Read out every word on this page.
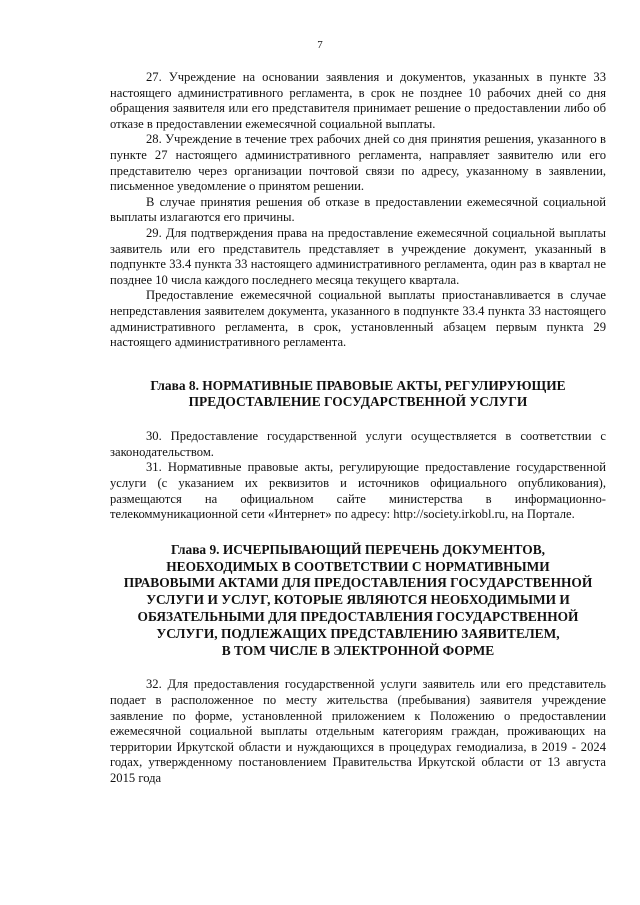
7

27. Учреждение на основании заявления и документов, указанных в пункте 33 настоящего административного регламента, в срок не позднее 10 рабочих дней со дня обращения заявителя или его представителя принимает решение о предоставлении либо об отказе в предоставлении ежемесячной социальной выплаты.

28. Учреждение в течение трех рабочих дней со дня принятия решения, указанного в пункте 27 настоящего административного регламента, направляет заявителю или его представителю через организации почтовой связи по адресу, указанному в заявлении, письменное уведомление о принятом решении.

В случае принятия решения об отказе в предоставлении ежемесячной социальной выплаты излагаются его причины.

29. Для подтверждения права на предоставление ежемесячной социальной выплаты заявитель или его представитель представляет в учреждение документ, указанный в подпункте 33.4 пункта 33 настоящего административного регламента, один раз в квартал не позднее 10 числа каждого последнего месяца текущего квартала.

Предоставление ежемесячной социальной выплаты приостанавливается в случае непредставления заявителем документа, указанного в подпункте 33.4 пункта 33 настоящего административного регламента, в срок, установленный абзацем первым пункта 29 настоящего административного регламента.

Глава 8. НОРМАТИВНЫЕ ПРАВОВЫЕ АКТЫ, РЕГУЛИРУЮЩИЕ
ПРЕДОСТАВЛЕНИЕ ГОСУДАРСТВЕННОЙ УСЛУГИ

30. Предоставление государственной услуги осуществляется в соответствии с законодательством.

31. Нормативные правовые акты, регулирующие предоставление государственной услуги (с указанием их реквизитов и источников официального опубликования), размещаются на официальном сайте министерства в информационно-телекоммуникационной сети «Интернет» по адресу: http://society.irkobl.ru, на Портале.

Глава 9. ИСЧЕРПЫВАЮЩИЙ ПЕРЕЧЕНЬ ДОКУМЕНТОВ,
НЕОБХОДИМЫХ В СООТВЕТСТВИИ С НОРМАТИВНЫМИ
ПРАВОВЫМИ АКТАМИ ДЛЯ ПРЕДОСТАВЛЕНИЯ ГОСУДАРСТВЕННОЙ
УСЛУГИ И УСЛУГ, КОТОРЫЕ ЯВЛЯЮТСЯ НЕОБХОДИМЫМИ И
ОБЯЗАТЕЛЬНЫМИ ДЛЯ ПРЕДОСТАВЛЕНИЯ ГОСУДАРСТВЕННОЙ
УСЛУГИ, ПОДЛЕЖАЩИХ ПРЕДСТАВЛЕНИЮ ЗАЯВИТЕЛЕМ,
В ТОМ ЧИСЛЕ В ЭЛЕКТРОННОЙ ФОРМЕ

32. Для предоставления государственной услуги заявитель или его представитель подает в расположенное по месту жительства (пребывания) заявителя учреждение заявление по форме, установленной приложением к Положению о предоставлении ежемесячной социальной выплаты отдельным категориям граждан, проживающих на территории Иркутской области и нуждающихся в процедурах гемодиализа, в 2019 - 2024 годах, утвержденному постановлением Правительства Иркутской области от 13 августа 2015 года
